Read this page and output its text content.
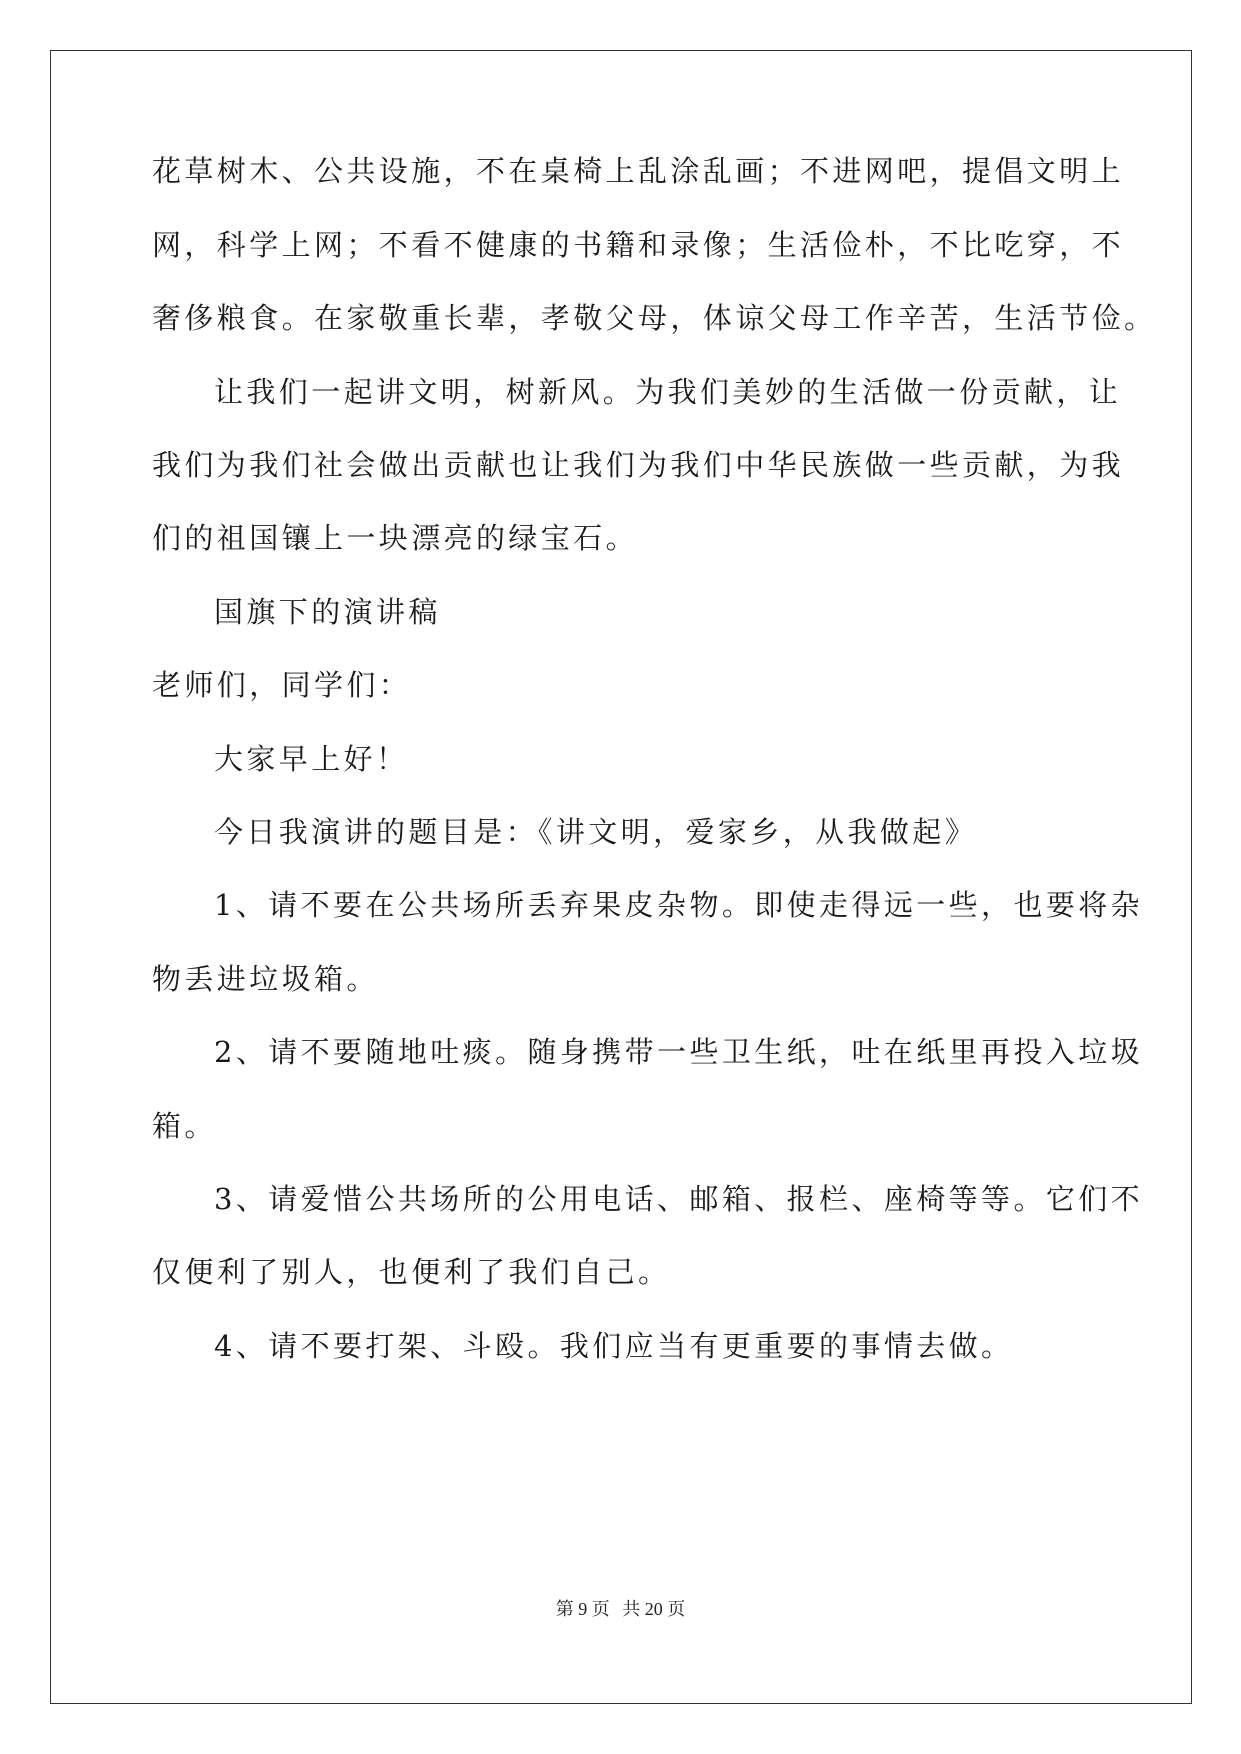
花草树木、公共设施，不在桌椅上乱涂乱画；不进网吧，提倡文明上
网，科学上网；不看不健康的书籍和录像；生活俭朴，不比吃穿，不
奢侈粮食。在家敬重长辈，孝敬父母，体谅父母工作辛苦，生活节俭。
让我们一起讲文明，树新风。为我们美妙的生活做一份贡献，让
我们为我们社会做出贡献也让我们为我们中华民族做一些贡献，为我
们的祖国镶上一块漂亮的绿宝石。
国旗下的演讲稿
老师们，同学们：
大家早上好！
今日我演讲的题目是：《讲文明，爱家乡，从我做起》
1、请不要在公共场所丢弃果皮杂物。即使走得远一些，也要将杂
物丢进垃圾箱。
2、请不要随地吐痰。随身携带一些卫生纸，吐在纸里再投入垃圾
箱。
3、请爱惜公共场所的公用电话、邮箱、报栏、座椅等等。它们不
仅便利了别人，也便利了我们自己。
4、请不要打架、斗殴。我们应当有更重要的事情去做。
第 9 页 共 20 页
